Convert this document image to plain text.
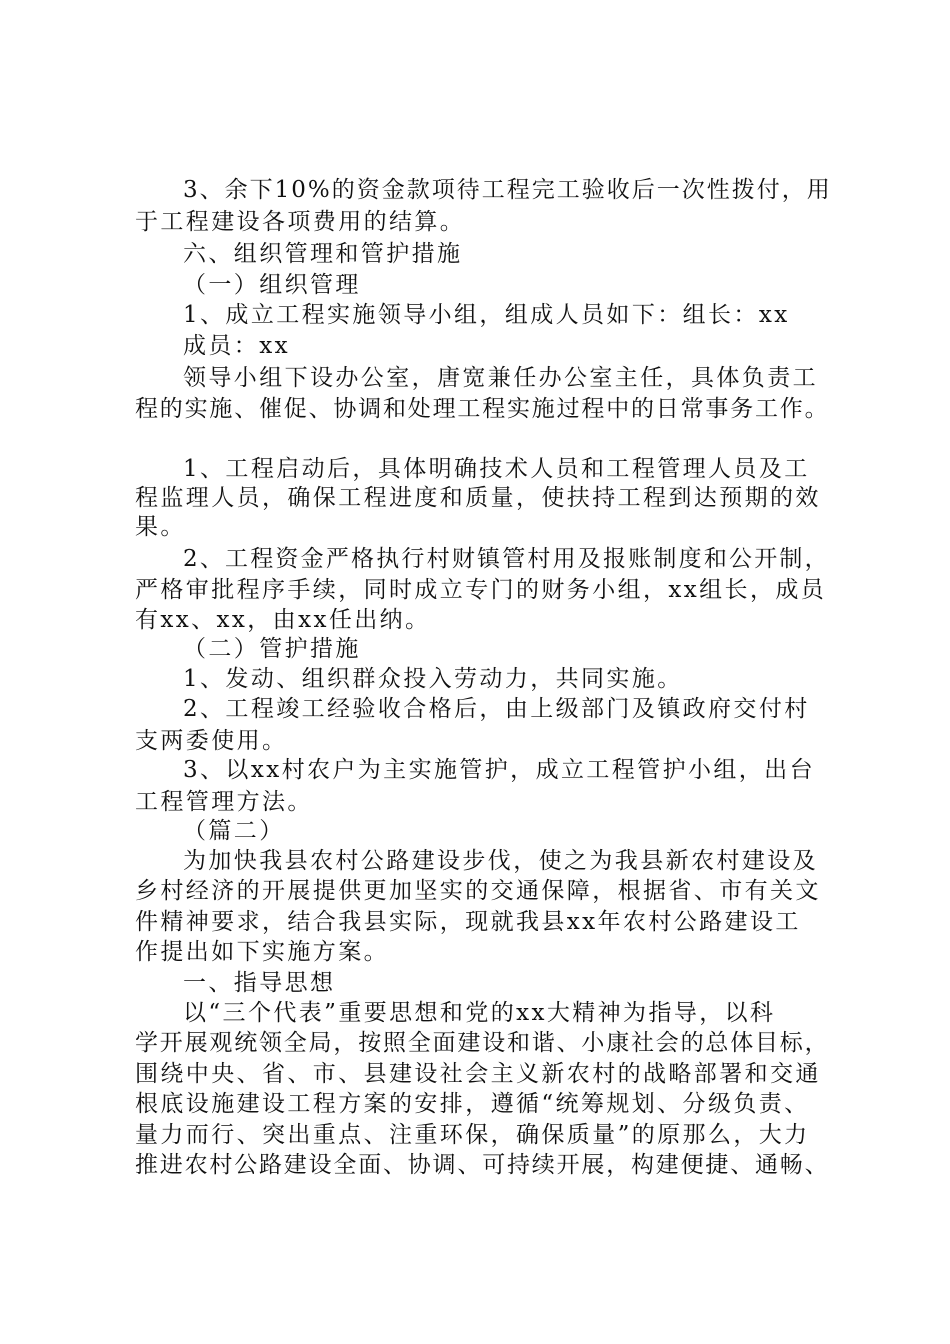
3、余下10%的资金款项待工程完工验收后一次性拨付，用
于工程建设各项费用的结算。
六、组织管理和管护措施
（一）组织管理
1、成立工程实施领导小组，组成人员如下：组长：xx
成员：xx
领导小组下设办公室，唐宽兼任办公室主任，具体负责工
程的实施、催促、协调和处理工程实施过程中的日常事务工作。
1、工程启动后，具体明确技术人员和工程管理人员及工
程监理人员，确保工程进度和质量，使扶持工程到达预期的效
果。
2、工程资金严格执行村财镇管村用及报账制度和公开制，
严格审批程序手续，同时成立专门的财务小组，xx组长，成员
有xx、xx，由xx任出纳。
（二）管护措施
1、发动、组织群众投入劳动力，共同实施。
2、工程竣工经验收合格后，由上级部门及镇政府交付村
支两委使用。
3、以xx村农户为主实施管护，成立工程管护小组，出台
工程管理方法。
（篇二）
为加快我县农村公路建设步伐，使之为我县新农村建设及
乡村经济的开展提供更加坚实的交通保障，根据省、市有关文
件精神要求，结合我县实际，现就我县xx年农村公路建设工
作提出如下实施方案。
一、指导思想
以“三个代表”重要思想和党的xx大精神为指导，以科
学开展观统领全局，按照全面建设和谐、小康社会的总体目标，
围绕中央、省、市、县建设社会主义新农村的战略部署和交通
根底设施建设工程方案的安排，遵循“统筹规划、分级负责、
量力而行、突出重点、注重环保，确保质量”的原那么，大力
推进农村公路建设全面、协调、可持续开展，构建便捷、通畅、
